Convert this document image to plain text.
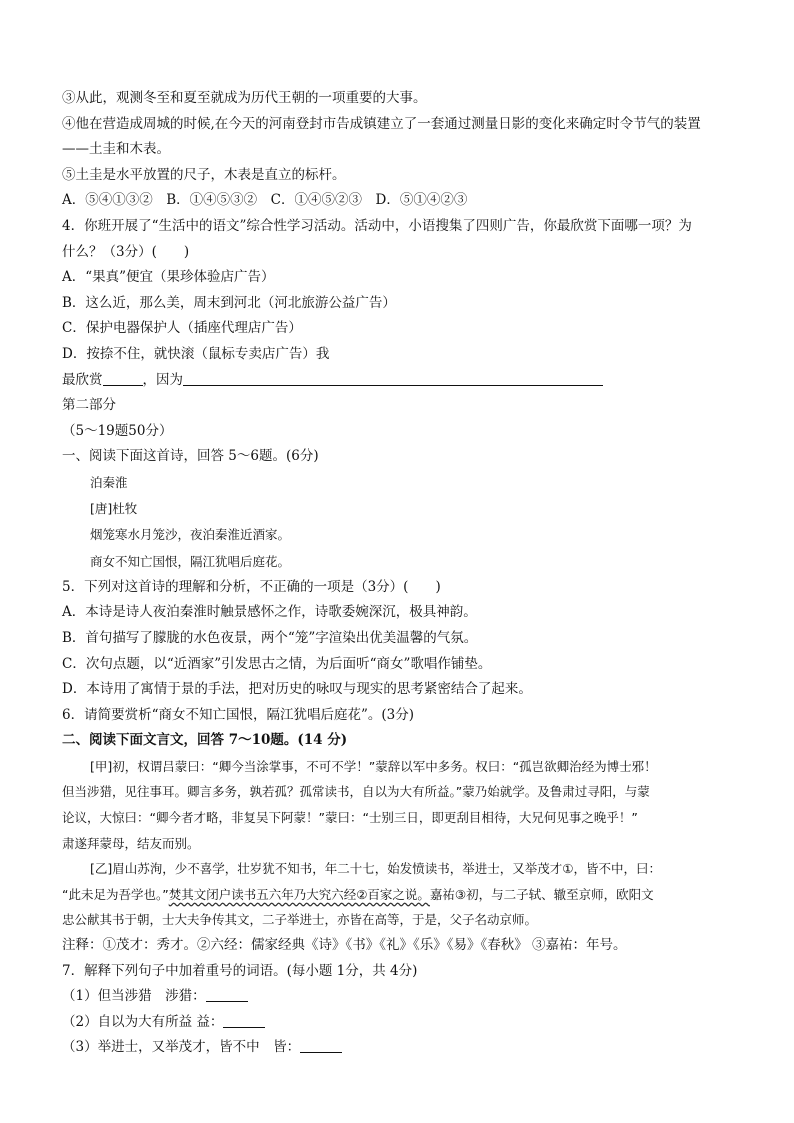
③从此，观测冬至和夏至就成为历代王朝的一项重要的大事。
④他在营造成周城的时候,在今天的河南登封市告成镇建立了一套通过测量日影的变化来确定时令节气的装置
——土圭和木表。
⑤土圭是水平放置的尺子，木表是直立的标杆。
A．⑤④①③②　B．①④⑤③②　C．①④⑤②③　D．⑤①④②③
4．你班开展了“生活中的语文”综合性学习活动。活动中，小语搜集了四则广告，你最欣赏下面哪一项？为
什么？（3分）(　　)
A．“果真”便宜（果珍体验店广告）
B．这么近，那么美，周末到河北（河北旅游公益广告）
C．保护电器保护人（插座代理店广告）
D．按捺不住，就快滚（鼠标专卖店广告）我
最欣赏	，因为
第二部分
（5～19题50分）
一、阅读下面这首诗，回答 5～6题。(6分)
泊秦淮
[唐]杜牧
烟笼寒水月笼沙，夜泊秦淮近酒家。
商女不知亡国恨，隔江犹唱后庭花。
5．下列对这首诗的理解和分析，不正确的一项是（3分）(　　)
A．本诗是诗人夜泊秦淮时触景感怀之作，诗歌委婉深沉，极具神韵。
B．首句描写了朦胧的水色夜景，两个“笼”字渲染出优美温馨的气氛。
C．次句点题，以“近酒家”引发思古之情，为后面听“商女”歌唱作铺垫。
D．本诗用了寓情于景的手法，把对历史的咏叹与现实的思考紧密结合了起来。
6．请简要赏析“商女不知亡国恨，隔江犹唱后庭花”。(3分)
二、阅读下面文言文，回答 7～10题。(14 分)
[甲]初，权谓吕蒙曰：“卿今当涂掌事，不可不学！”蒙辞以军中多务。权曰：“孤岂欲卿治经为博士邪！
但当涉猎，见往事耳。卿言多务，孰若孤？孤常读书，自以为大有所益。”蒙乃始就学。及鲁肃过寻阳，与蒙
论议，大惊曰：“卿今者才略，非复吴下阿蒙！”蒙曰：“士别三日，即更刮目相待，大兄何见事之晚乎！”
肃遂拜蒙母，结友而别。
[乙]眉山苏洵，少不喜学，壮岁犹不知书，年二十七，始发愤读书，举进士，又举茂才①，皆不中，曰：
“此未足为吾学也。”焚其文闭户读书五六年乃大究六经②百家之说。嘉祐③初，与二子轼、辙至京师，欧阳文
忠公献其书于朝，士大夫争传其文，二子举进士，亦皆在高等，于是，父子名动京师。
注释：①茂才：秀才。②六经：儒家经典《诗》《书》《礼》《乐》《易》《春秋》 ③嘉祐：年号。
7．解释下列句子中加着重号的词语。(每小题 1分，共 4分)
（1）但当涉猎　涉猎：
（2）自以为大有所益 益：
（3）举进士，又举茂才，皆不中　皆：
